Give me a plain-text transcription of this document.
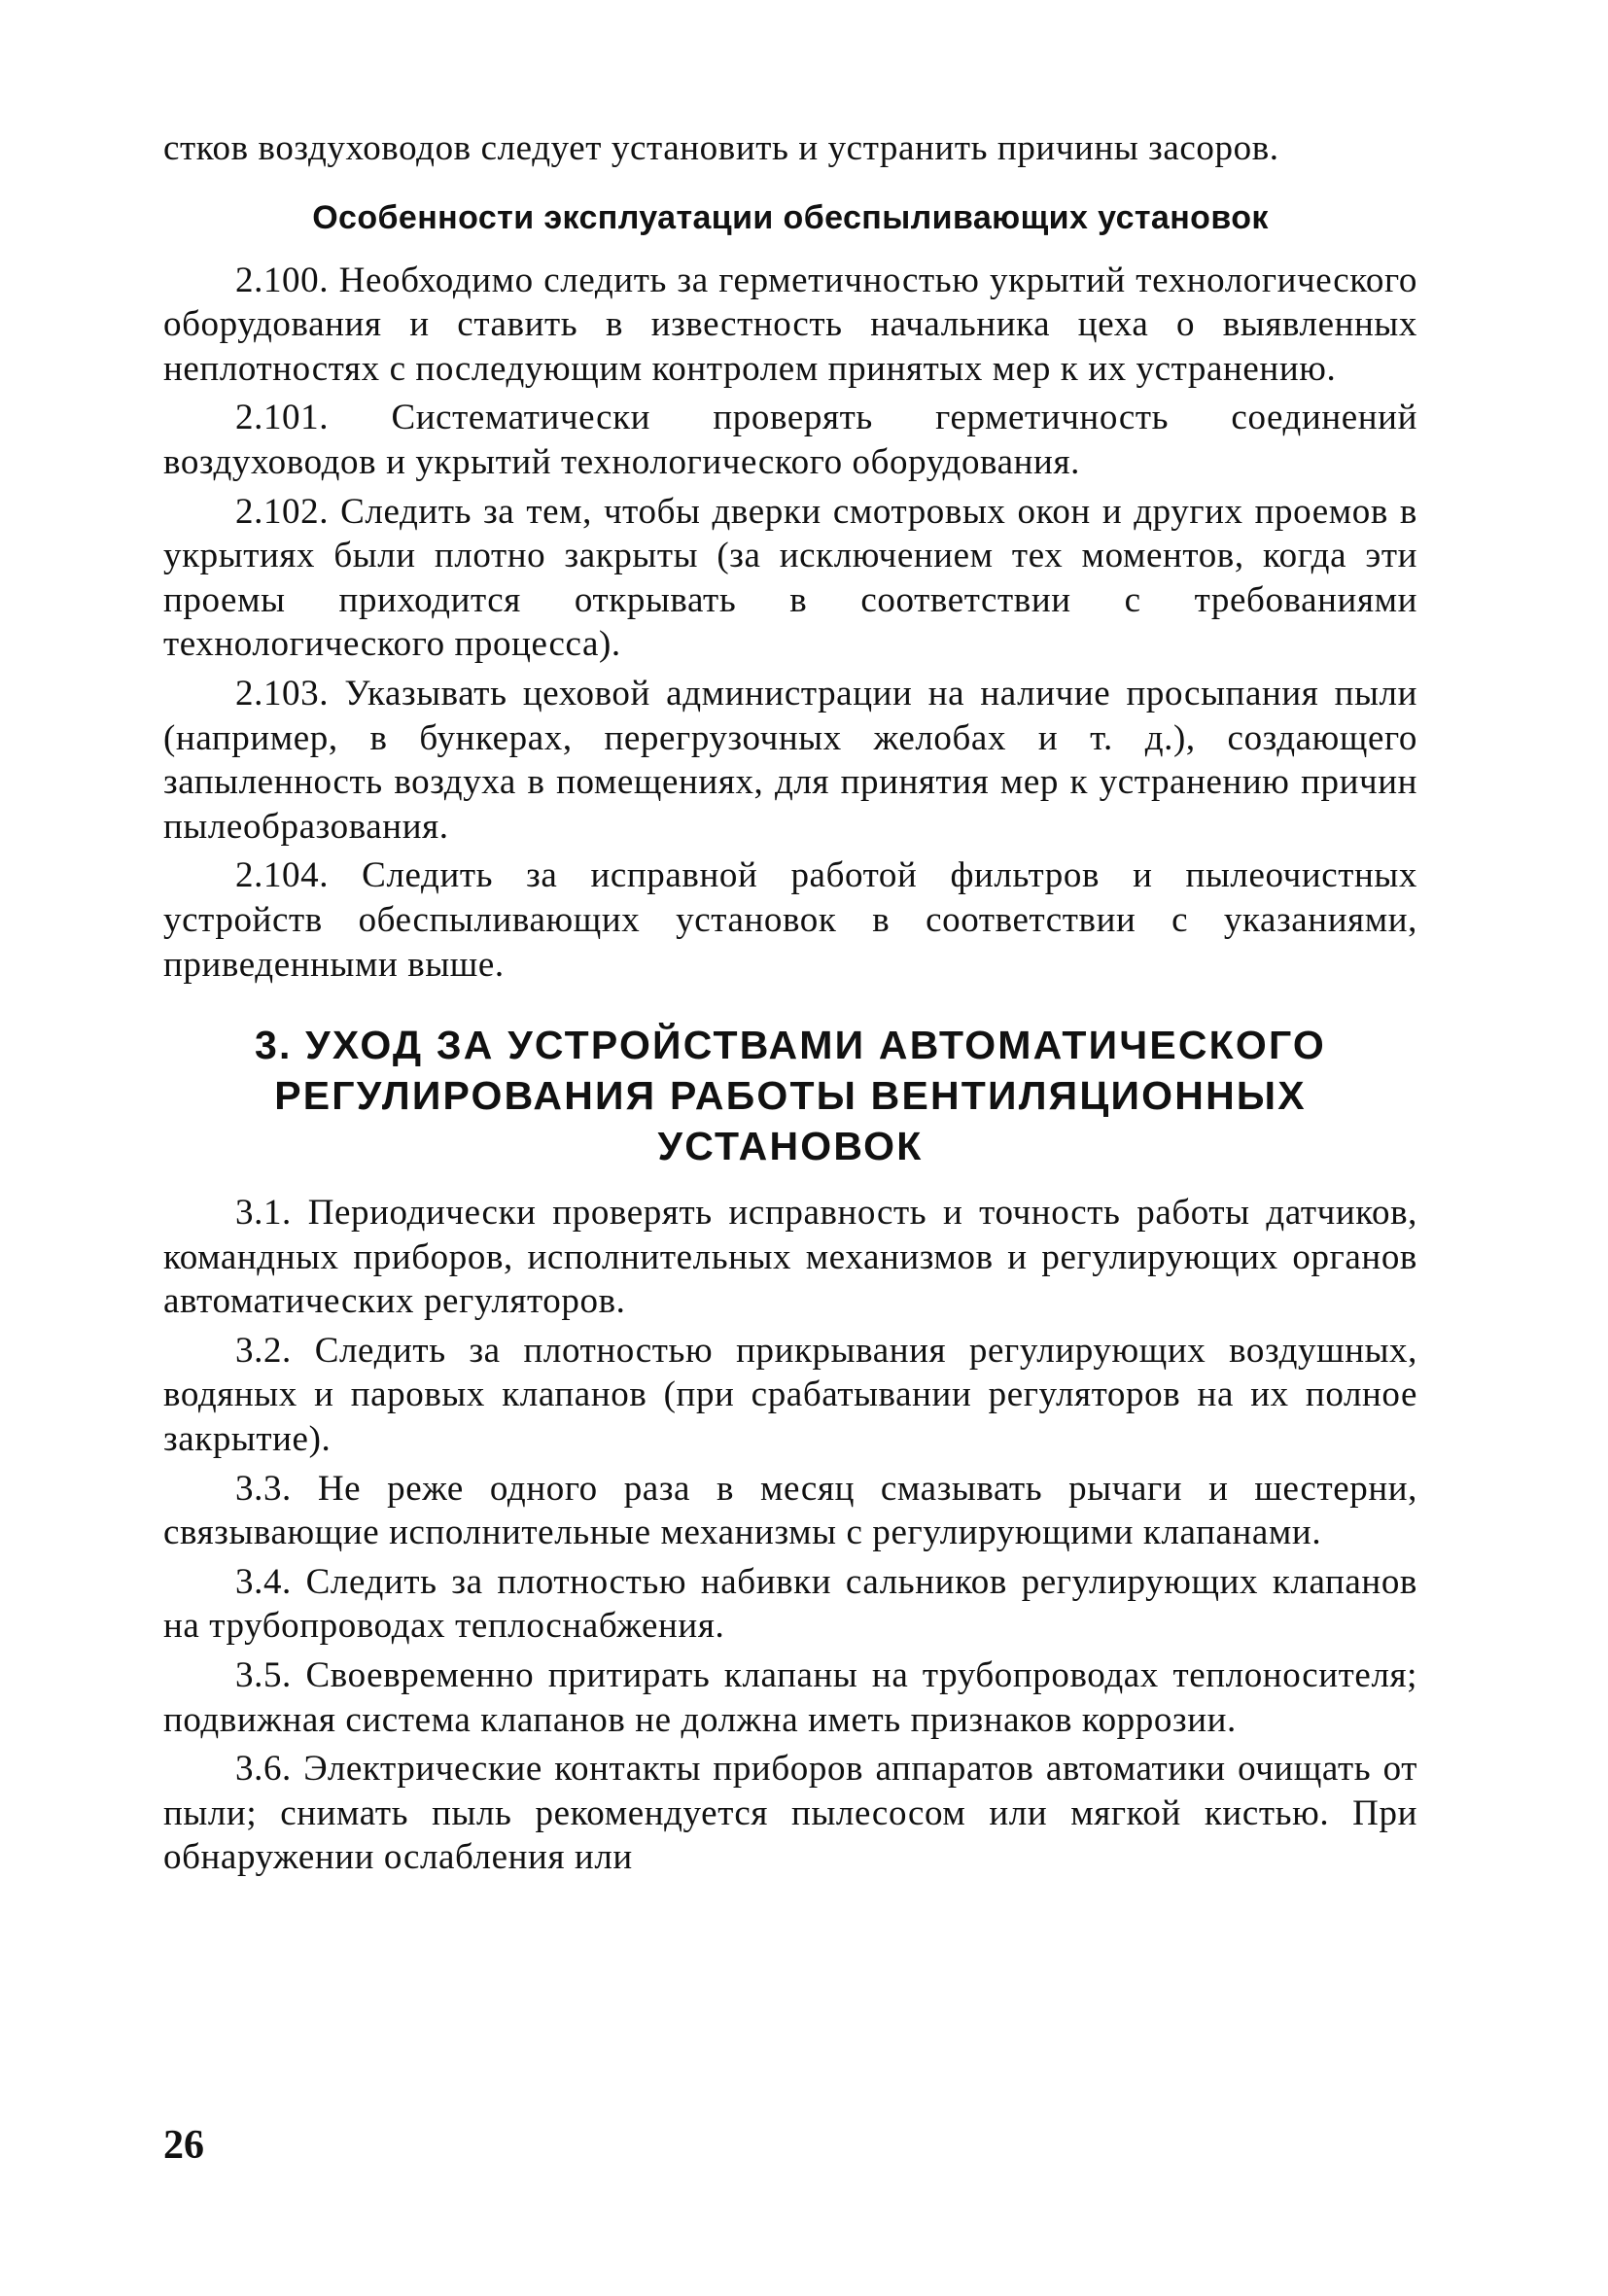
стков воздуховодов следует установить и устранить причины засоров.

Особенности эксплуатации обеспыливающих установок

2.100. Необходимо следить за герметичностью укрытий технологического оборудования и ставить в известность начальника цеха о выявленных неплотностях с последующим контролем принятых мер к их устранению.

2.101. Систематически проверять герметичность соединений воздуховодов и укрытий технологического оборудования.

2.102. Следить за тем, чтобы дверки смотровых окон и других проемов в укрытиях были плотно закрыты (за исключением тех моментов, когда эти проемы приходится открывать в соответствии с требованиями технологического процесса).

2.103. Указывать цеховой администрации на наличие просыпания пыли (например, в бункерах, перегрузочных желобах и т. д.), создающего запыленность воздуха в помещениях, для принятия мер к устранению причин пылеобразования.

2.104. Следить за исправной работой фильтров и пылеочистных устройств обеспыливающих установок в соответствии с указаниями, приведенными выше.

3. УХОД ЗА УСТРОЙСТВАМИ АВТОМАТИЧЕСКОГО
РЕГУЛИРОВАНИЯ РАБОТЫ ВЕНТИЛЯЦИОННЫХ
УСТАНОВОК

3.1. Периодически проверять исправность и точность работы датчиков, командных приборов, исполнительных механизмов и регулирующих органов автоматических регуляторов.

3.2. Следить за плотностью прикрывания регулирующих воздушных, водяных и паровых клапанов (при срабатывании регуляторов на их полное закрытие).

3.3. Не реже одного раза в месяц смазывать рычаги и шестерни, связывающие исполнительные механизмы с регулирующими клапанами.

3.4. Следить за плотностью набивки сальников регулирующих клапанов на трубопроводах теплоснабжения.

3.5. Своевременно притирать клапаны на трубопроводах теплоносителя; подвижная система клапанов не должна иметь признаков коррозии.

3.6. Электрические контакты приборов аппаратов автоматики очищать от пыли; снимать пыль рекомендуется пылесосом или мягкой кистью. При обнаружении ослабления или

26
